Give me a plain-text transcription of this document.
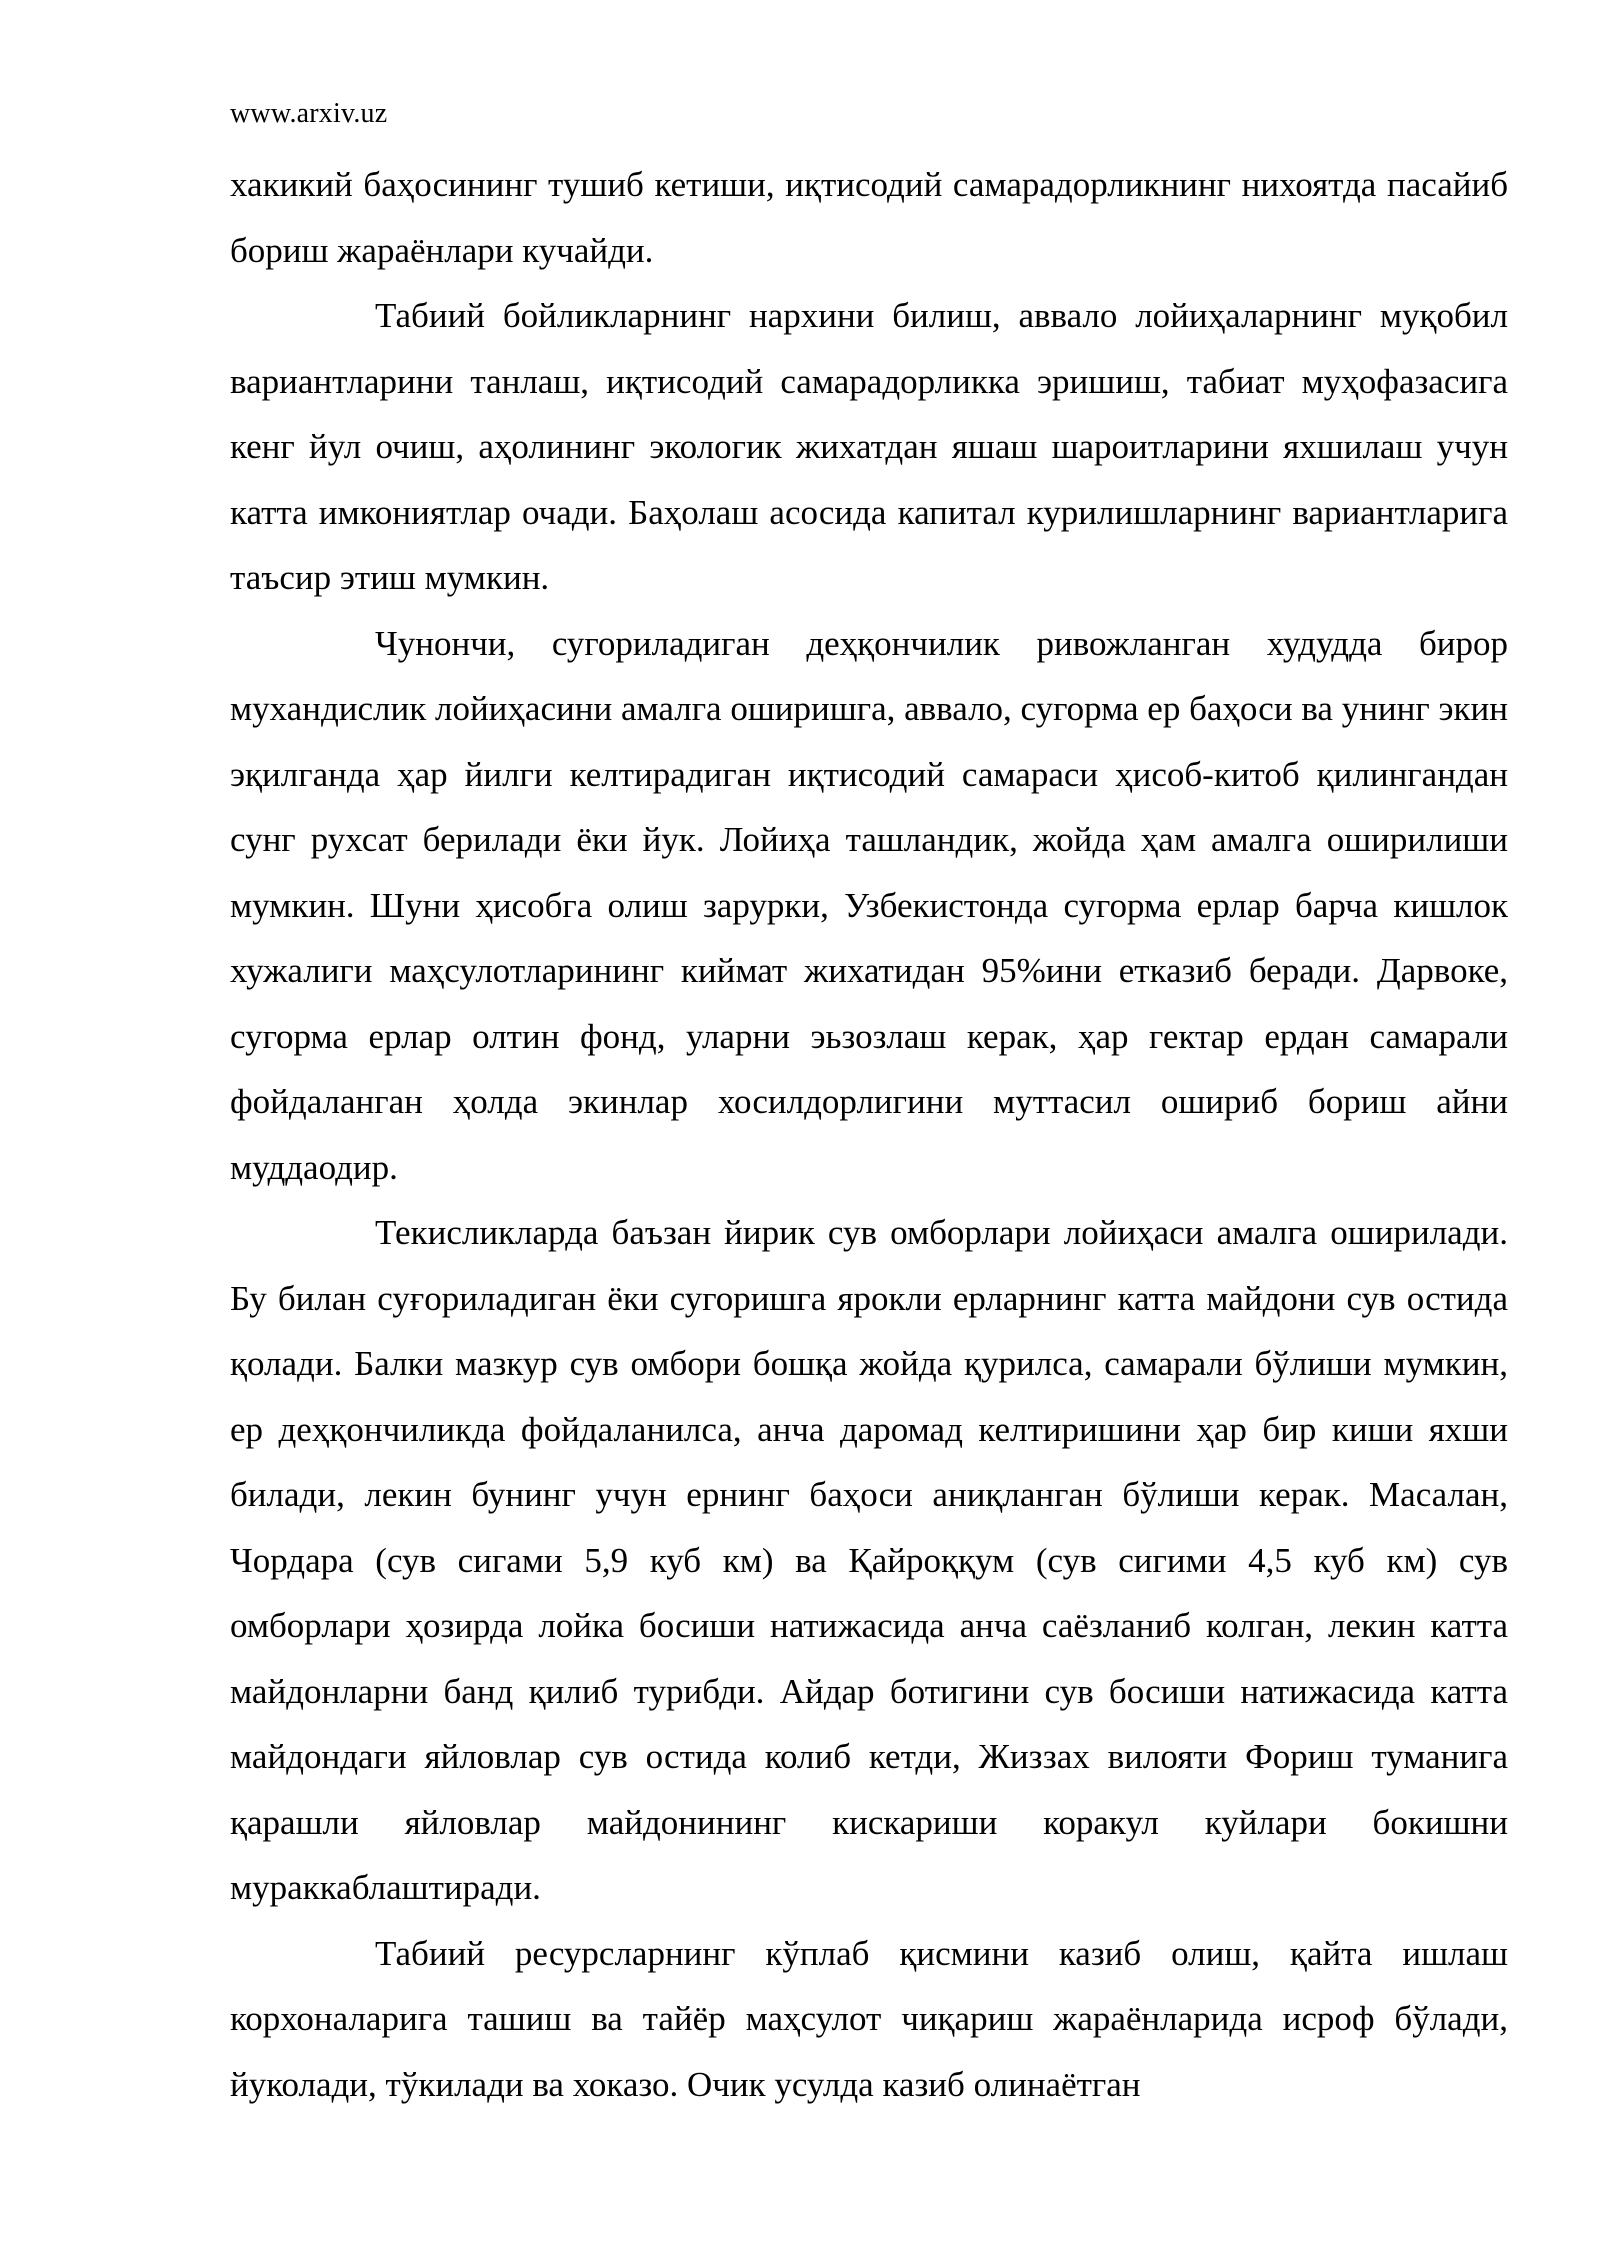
www.arxiv.uz

хакикий баҳосининг тушиб кетиши, иқтисодий самарадорликнинг нихоятда пасайиб бориш жараёнлари кучайди.

Табиий бойликларнинг нархини билиш, аввало лойиҳаларнинг муқобил вариантларини танлаш, иқтисодий самарадорликка эришиш, табиат муҳофазасига кенг йул очиш, аҳолининг экологик жихатдан яшаш шароитларини яхшилаш учун катта имкониятлар очади. Баҳолаш асосида капитал курилишларнинг вариантларига таъсир этиш мумкин.

Чунончи, сугориладиган деҳқончилик ривожланган худудда бирор мухандислик лойиҳасини амалга оширишга, аввало, сугорма ер баҳоси ва унинг экин эқилганда ҳар йилги келтирадиган иқтисодий самараси ҳисоб-китоб қилингандан сунг рухсат берилади ёки йук. Лойиҳа ташландик, жойда ҳам амалга оширилиши мумкин. Шуни ҳисобга олиш зарурки, Узбекистонда сугорма ерлар барча кишлок хужалиги маҳсулотларининг киймат жихатидан 95%ини етказиб беради. Дарвоке, сугорма ерлар олтин фонд, уларни эьзозлаш керак, ҳар гектар ердан самарали фойдаланган ҳолда экинлар хосилдорлигини муттасил ошириб бориш айни муддаодир.

Текисликларда баъзан йирик сув омборлари лойиҳаси амалга оширилади. Бу билан суғориладиган ёки сугоришга ярокли ерларнинг катта майдони сув остида қолади. Балки мазкур сув омбори бошқа жойда қурилса, самарали бўлиши мумкин, ер деҳқончиликда фойдаланилса, анча даромад келтиришини ҳар бир киши яхши билади, лекин бунинг учун ернинг баҳоси аниқланган бўлиши керак. Масалан, Чордара (сув сигами 5,9 куб км) ва Қайроққум (сув сигими 4,5 куб км) сув омборлари ҳозирда лойка босиши натижасида анча саёзланиб колган, лекин катта майдонларни банд қилиб турибди. Айдар ботигини сув босиши натижасида катта майдондаги яйловлар сув остида колиб кетди, Жиззах вилояти Фориш туманига қарашли яйловлар майдонининг кискариши коракул куйлари бокишни мураккаблаштиради.

Табиий ресурсларнинг кўплаб қисмини казиб олиш, қайта ишлаш корхоналарига ташиш ва тайёр маҳсулот чиқариш жараёнларида исроф бўлади, йуколади, тўкилади ва хоказо. Очик усулда казиб олинаётган
